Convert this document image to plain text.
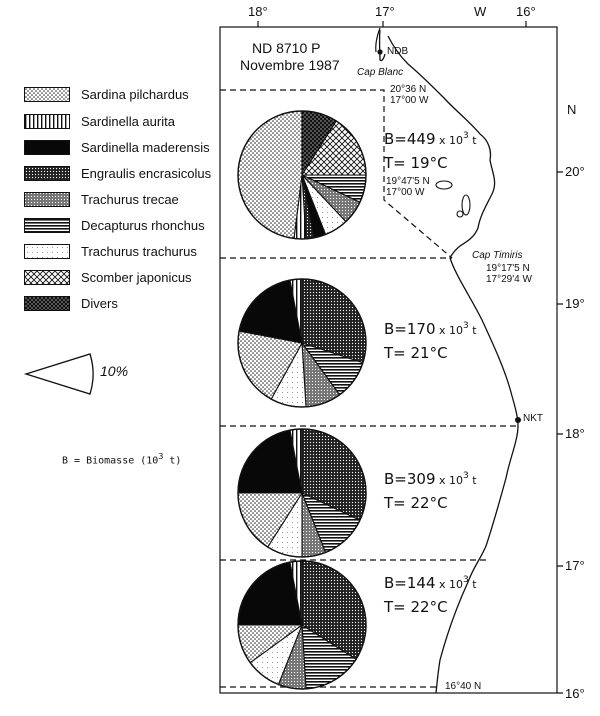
18°	17°	W 16°
N
20°
19°
18°
17°
16°
ND 8710 P
Novembre 1987
Sardina pilchardus
Sardinella aurita
Sardinella maderensis
Engraulis encrasicolus
Trachurus trecae
Decapturus rhonchus
Trachurus trachurus
Scomber japonicus
Divers
10%
B = Biomasse ($10^3$ t)
NDB
Cap Blanc
20°36 N
17°00 W
19°47'5 N
17°00 W
Cap Timiris
19°17'5 N
17°29'4 W
NKT
16°40 N
B=449 x $10^3$ t
T= 19°C
B=170 x $10^3$ t
T= 21°C
B=309 x $10^3$ t
T= 22°C
B=144 x $10^3$ t
T= 22°C
